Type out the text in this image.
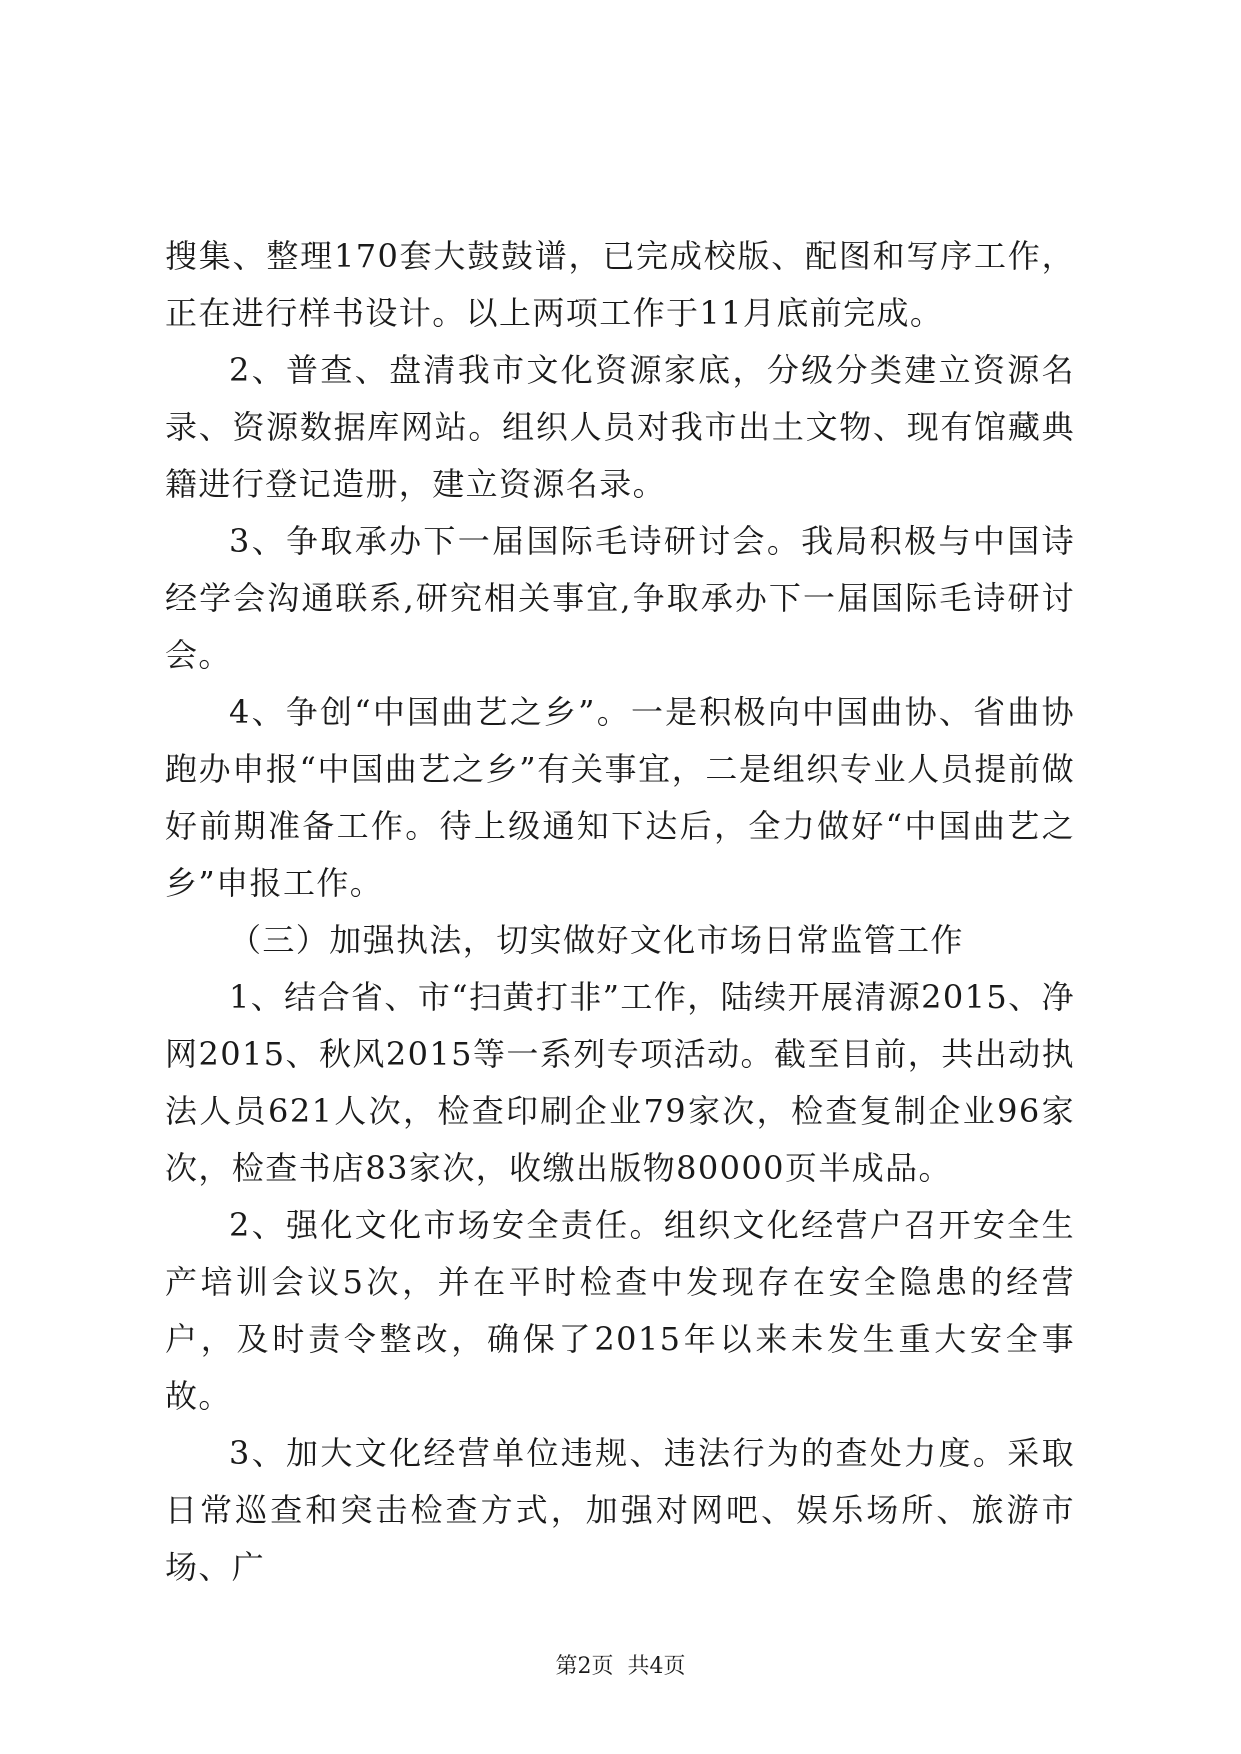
搜集、整理170套大鼓鼓谱，已完成校版、配图和写序工作，正在进行样书设计。以上两项工作于11月底前完成。

2、普查、盘清我市文化资源家底，分级分类建立资源名录、资源数据库网站。组织人员对我市出土文物、现有馆藏典籍进行登记造册，建立资源名录。

3、争取承办下一届国际毛诗研讨会。我局积极与中国诗经学会沟通联系,研究相关事宜,争取承办下一届国际毛诗研讨会。

4、争创“中国曲艺之乡”。一是积极向中国曲协、省曲协跑办申报“中国曲艺之乡”有关事宜，二是组织专业人员提前做好前期准备工作。待上级通知下达后，全力做好“中国曲艺之乡”申报工作。

（三）加强执法，切实做好文化市场日常监管工作

1、结合省、市“扫黄打非”工作，陆续开展清源2015、净网2015、秋风2015等一系列专项活动。截至目前，共出动执法人员621人次，检查印刷企业79家次，检查复制企业96家次，检查书店83家次，收缴出版物80000页半成品。

2、强化文化市场安全责任。组织文化经营户召开安全生产培训会议5次，并在平时检查中发现存在安全隐患的经营户，及时责令整改，确保了2015年以来未发生重大安全事故。

3、加大文化经营单位违规、违法行为的查处力度。采取日常巡查和突击检查方式，加强对网吧、娱乐场所、旅游市场、广

第2页 共4页
